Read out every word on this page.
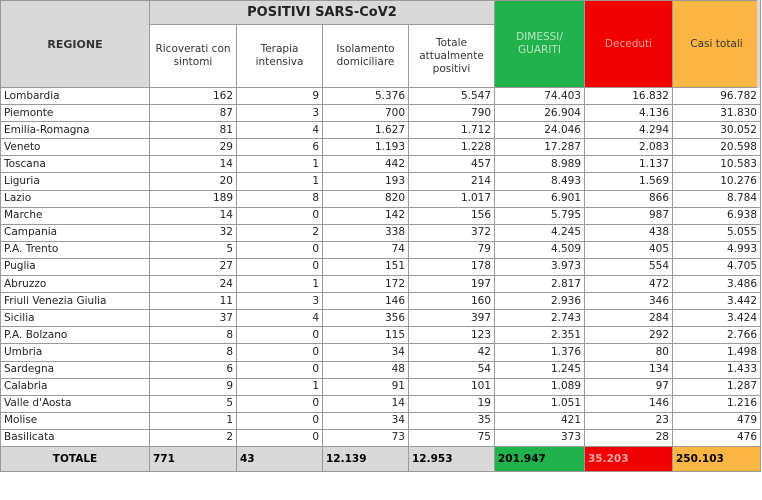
REGIONE	POSITIVI SARS-CoV2				DIMESSI/ GUARITI	Deceduti	Casi totali
	Ricoverati con sintomi	Terapia intensiva	Isolamento domiciliare	Totale attualmente positivi			
Lombardia	162	9	5.376	5.547	74.403	16.832	96.782
Piemonte	87	3	700	790	26.904	4.136	31.830
Emilia-Romagna	81	4	1.627	1.712	24.046	4.294	30.052
Veneto	29	6	1.193	1.228	17.287	2.083	20.598
Toscana	14	1	442	457	8.989	1.137	10.583
Liguria	20	1	193	214	8.493	1.569	10.276
Lazio	189	8	820	1.017	6.901	866	8.784
Marche	14	0	142	156	5.795	987	6.938
Campania	32	2	338	372	4.245	438	5.055
P.A. Trento	5	0	74	79	4.509	405	4.993
Puglia	27	0	151	178	3.973	554	4.705
Abruzzo	24	1	172	197	2.817	472	3.486
Friuli Venezia Giulia	11	3	146	160	2.936	346	3.442
Sicilia	37	4	356	397	2.743	284	3.424
P.A. Bolzano	8	0	115	123	2.351	292	2.766
Umbria	8	0	34	42	1.376	80	1.498
Sardegna	6	0	48	54	1.245	134	1.433
Calabria	9	1	91	101	1.089	97	1.287
Valle d'Aosta	5	0	14	19	1.051	146	1.216
Molise	1	0	34	35	421	23	479
Basilicata	2	0	73	75	373	28	476
TOTALE	771	43	12.139	12.953	201.947	35.203	250.103
